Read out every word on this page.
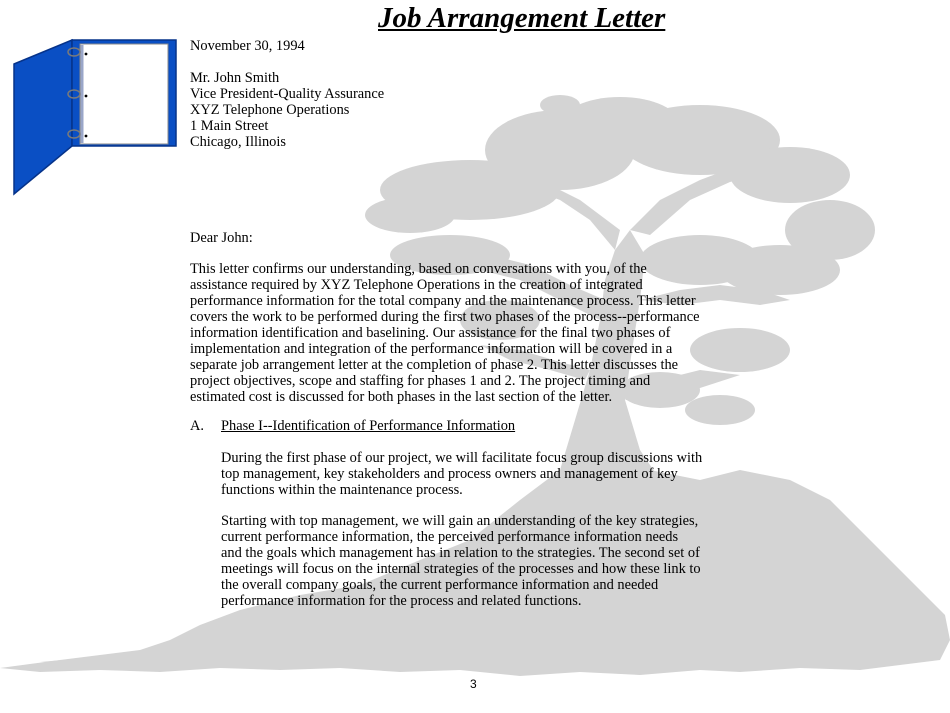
Job Arrangement Letter
November 30, 1994
Mr. John Smith
Vice President-Quality Assurance
XYZ Telephone Operations
1 Main Street
Chicago, Illinois
Dear John:
This letter confirms our understanding, based on conversations with you, of the
assistance required by XYZ Telephone Operations in the creation of integrated
performance information for the total company and the maintenance process. This letter
covers the work to be performed during the first two phases of the process--performance
information identification and baselining. Our assistance for the final two phases of
implementation and integration of the performance information will be covered in a
separate job arrangement letter at the completion of phase 2. This letter discusses the
project objectives, scope and staffing for phases 1 and 2. The project timing and
estimated cost is discussed for both phases in the last section of the letter.
A. Phase I--Identification of Performance Information
During the first phase of our project, we will facilitate focus group discussions with
top management, key stakeholders and process owners and management of key
functions within the maintenance process.
Starting with top management, we will gain an understanding of the key strategies,
current performance information, the perceived performance information needs
and the goals which management has in relation to the strategies. The second set of
meetings will focus on the internal strategies of the processes and how these link to
the overall company goals, the current performance information and needed
performance information for the process and related functions.
3
